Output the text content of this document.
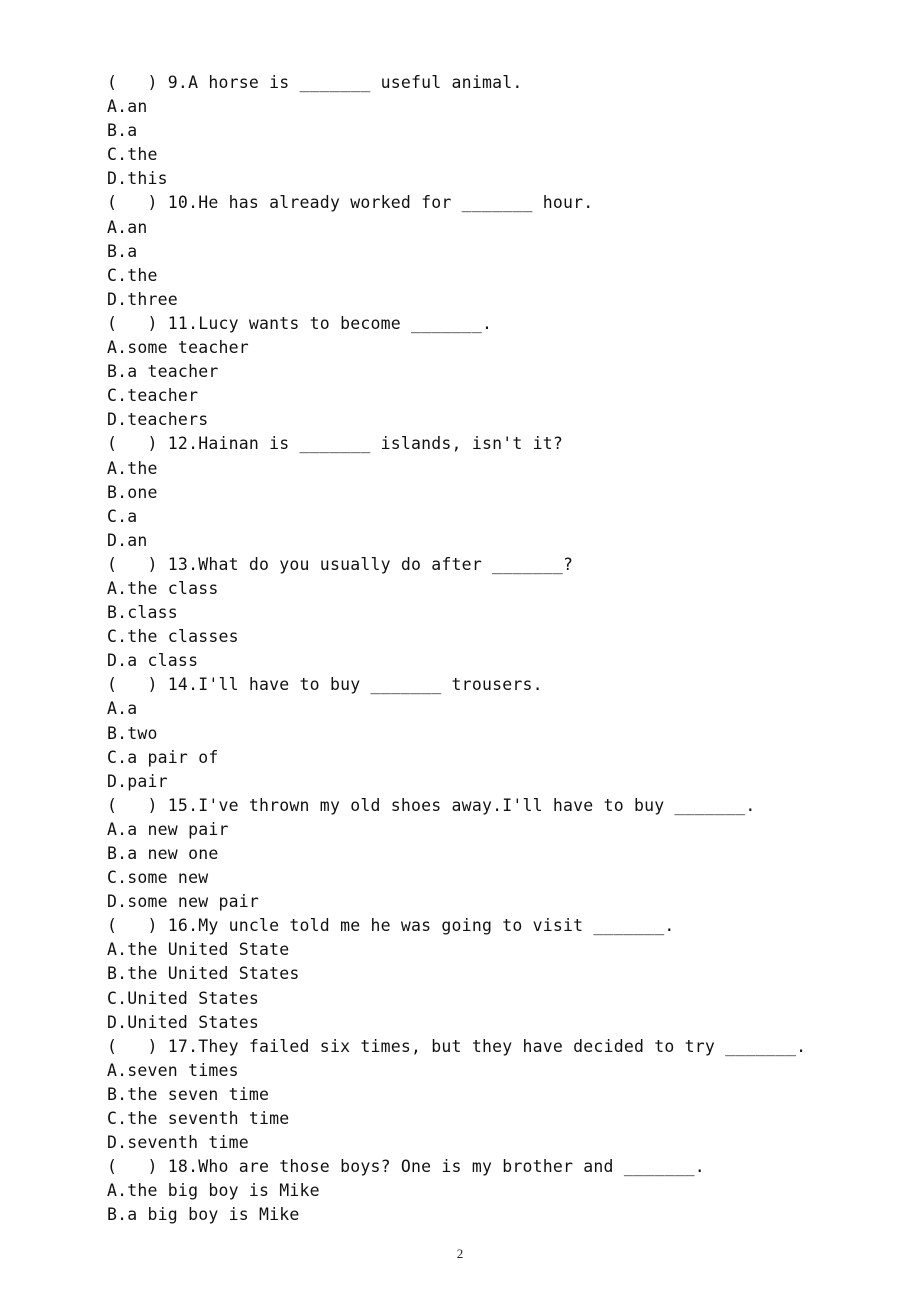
(   ) 9.A horse is _______ useful animal.
A.an
B.a
C.the
D.this
(   ) 10.He has already worked for _______ hour.
A.an
B.a
C.the
D.three
(   ) 11.Lucy wants to become _______.
A.some teacher
B.a teacher
C.teacher
D.teachers
(   ) 12.Hainan is _______ islands, isn't it?
A.the
B.one
C.a
D.an
(   ) 13.What do you usually do after _______?
A.the class
B.class
C.the classes
D.a class
(   ) 14.I'll have to buy _______ trousers.
A.a
B.two
C.a pair of
D.pair
(   ) 15.I've thrown my old shoes away.I'll have to buy _______.
A.a new pair
B.a new one
C.some new
D.some new pair
(   ) 16.My uncle told me he was going to visit _______.
A.the United State
B.the United States
C.United States
D.United States
(   ) 17.They failed six times, but they have decided to try _______.
A.seven times
B.the seven time
C.the seventh time
D.seventh time
(   ) 18.Who are those boys? One is my brother and _______.
A.the big boy is Mike
B.a big boy is Mike
2
